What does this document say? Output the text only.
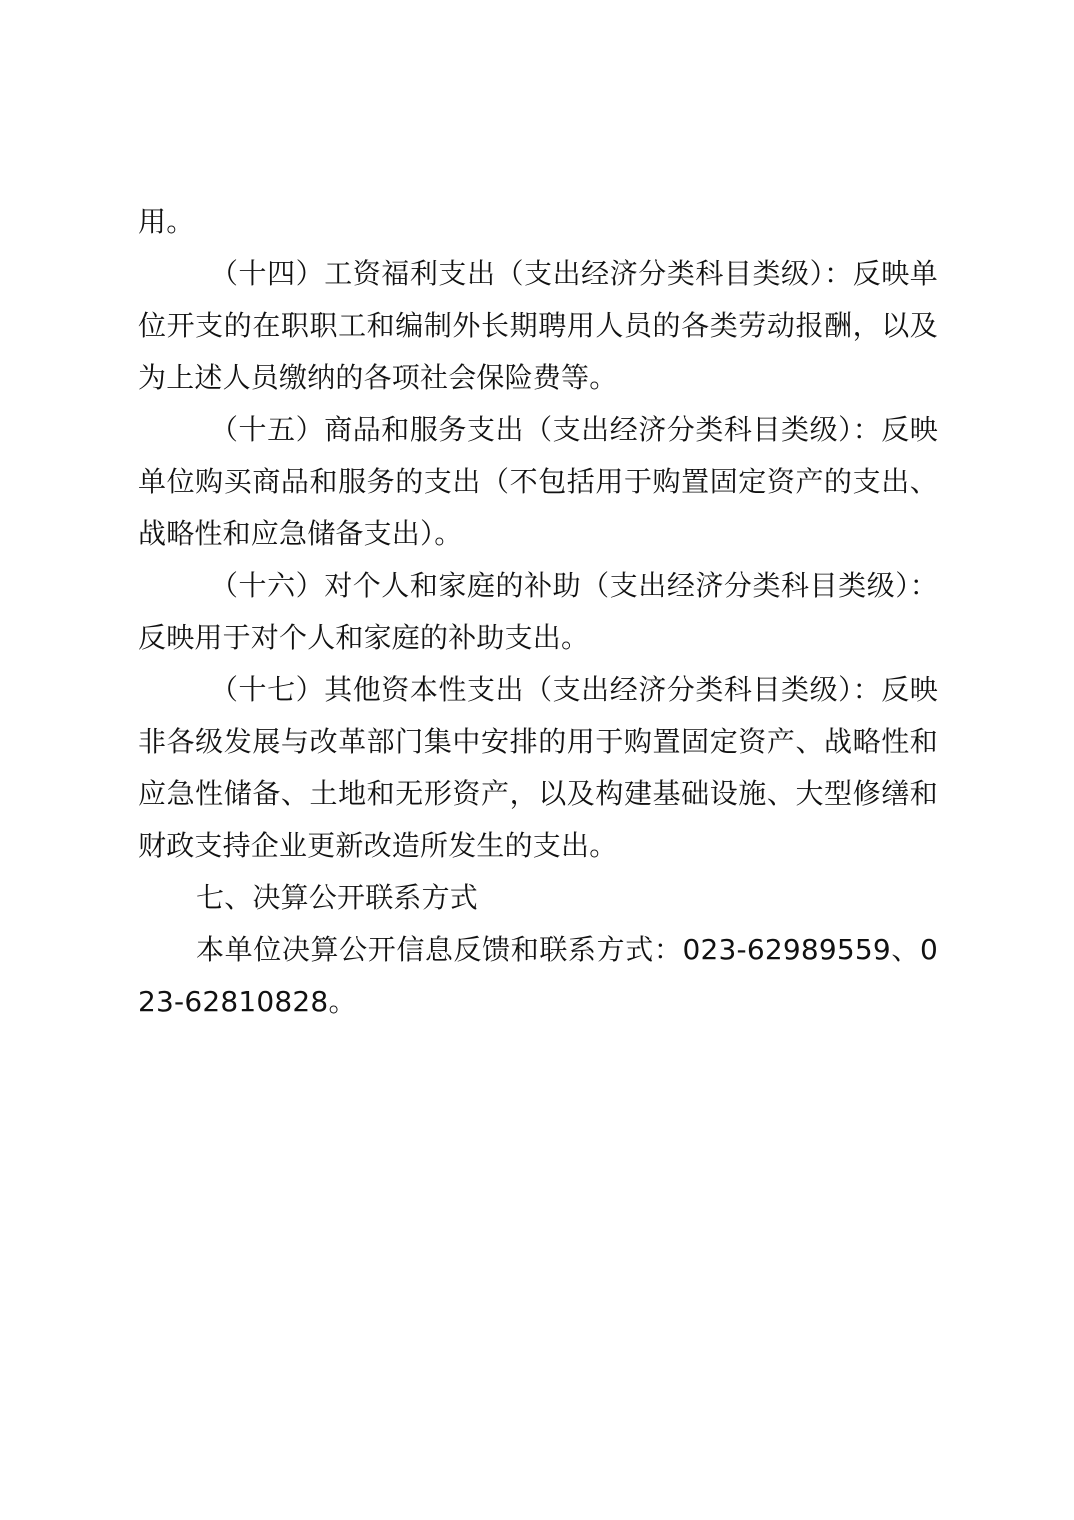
用。

（十四）工资福利支出（支出经济分类科目类级）：反映单位开支的在职职工和编制外长期聘用人员的各类劳动报酬，以及为上述人员缴纳的各项社会保险费等。

（十五）商品和服务支出（支出经济分类科目类级）：反映单位购买商品和服务的支出（不包括用于购置固定资产的支出、战略性和应急储备支出）。

（十六）对个人和家庭的补助（支出经济分类科目类级）：反映用于对个人和家庭的补助支出。

（十七）其他资本性支出（支出经济分类科目类级）：反映非各级发展与改革部门集中安排的用于购置固定资产、战略性和应急性储备、土地和无形资产，以及构建基础设施、大型修缮和财政支持企业更新改造所发生的支出。

七、决算公开联系方式

本单位决算公开信息反馈和联系方式：023-62989559、023-62810828。
